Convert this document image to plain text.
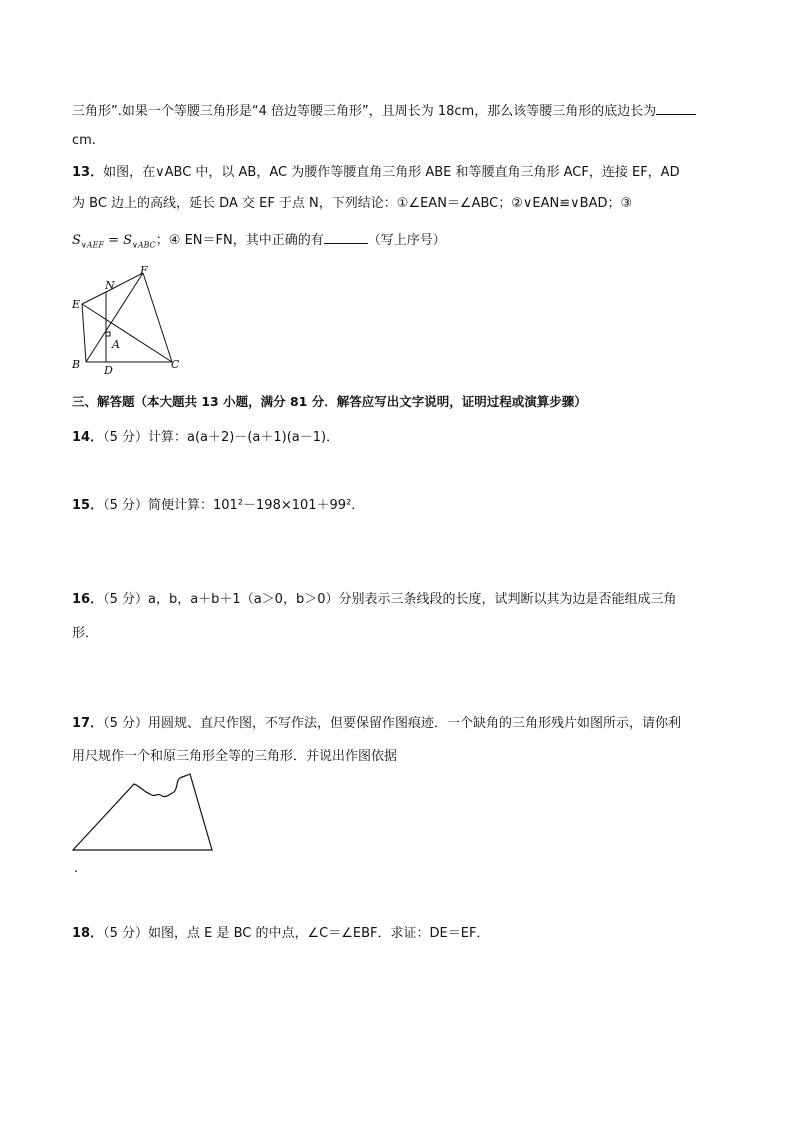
三角形”.如果一个等腰三角形是“4 倍边等腰三角形”，且周长为 18cm，那么该等腰三角形的底边长为
cm.
13．如图，在∨ABC 中，以 AB，AC 为腰作等腰直角三角形 ABE 和等腰直角三角形 ACF，连接 EF，AD
为 BC 边上的高线，延长 DA 交 EF 于点 N，下列结论：①∠EAN＝∠ABC；②∨EAN≌∨BAD；③
$S_{\vee AEF} = S_{\vee ABC}$；④ EN＝FN，其中正确的有	（写上序号）
F
N
E
A
B D	C
三、解答题（本大题共 13 小题，满分 81 分．解答应写出文字说明，证明过程或演算步骤）
14．（5 分）计算：a(a＋2)－(a＋1)(a－1)．
15．（5 分）简便计算：101²－198×101＋99²．
16．（5 分）a，b，a＋b＋1（a＞0，b＞0）分别表示三条线段的长度，试判断以其为边是否能组成三角
形．
17．（5 分）用圆规、直尺作图，不写作法，但要保留作图痕迹．一个缺角的三角形残片如图所示，请你利
用尺规作一个和原三角形全等的三角形．并说出作图依据
.
18．（5 分）如图，点 E 是 BC 的中点，∠C＝∠EBF．求证：DE＝EF．
